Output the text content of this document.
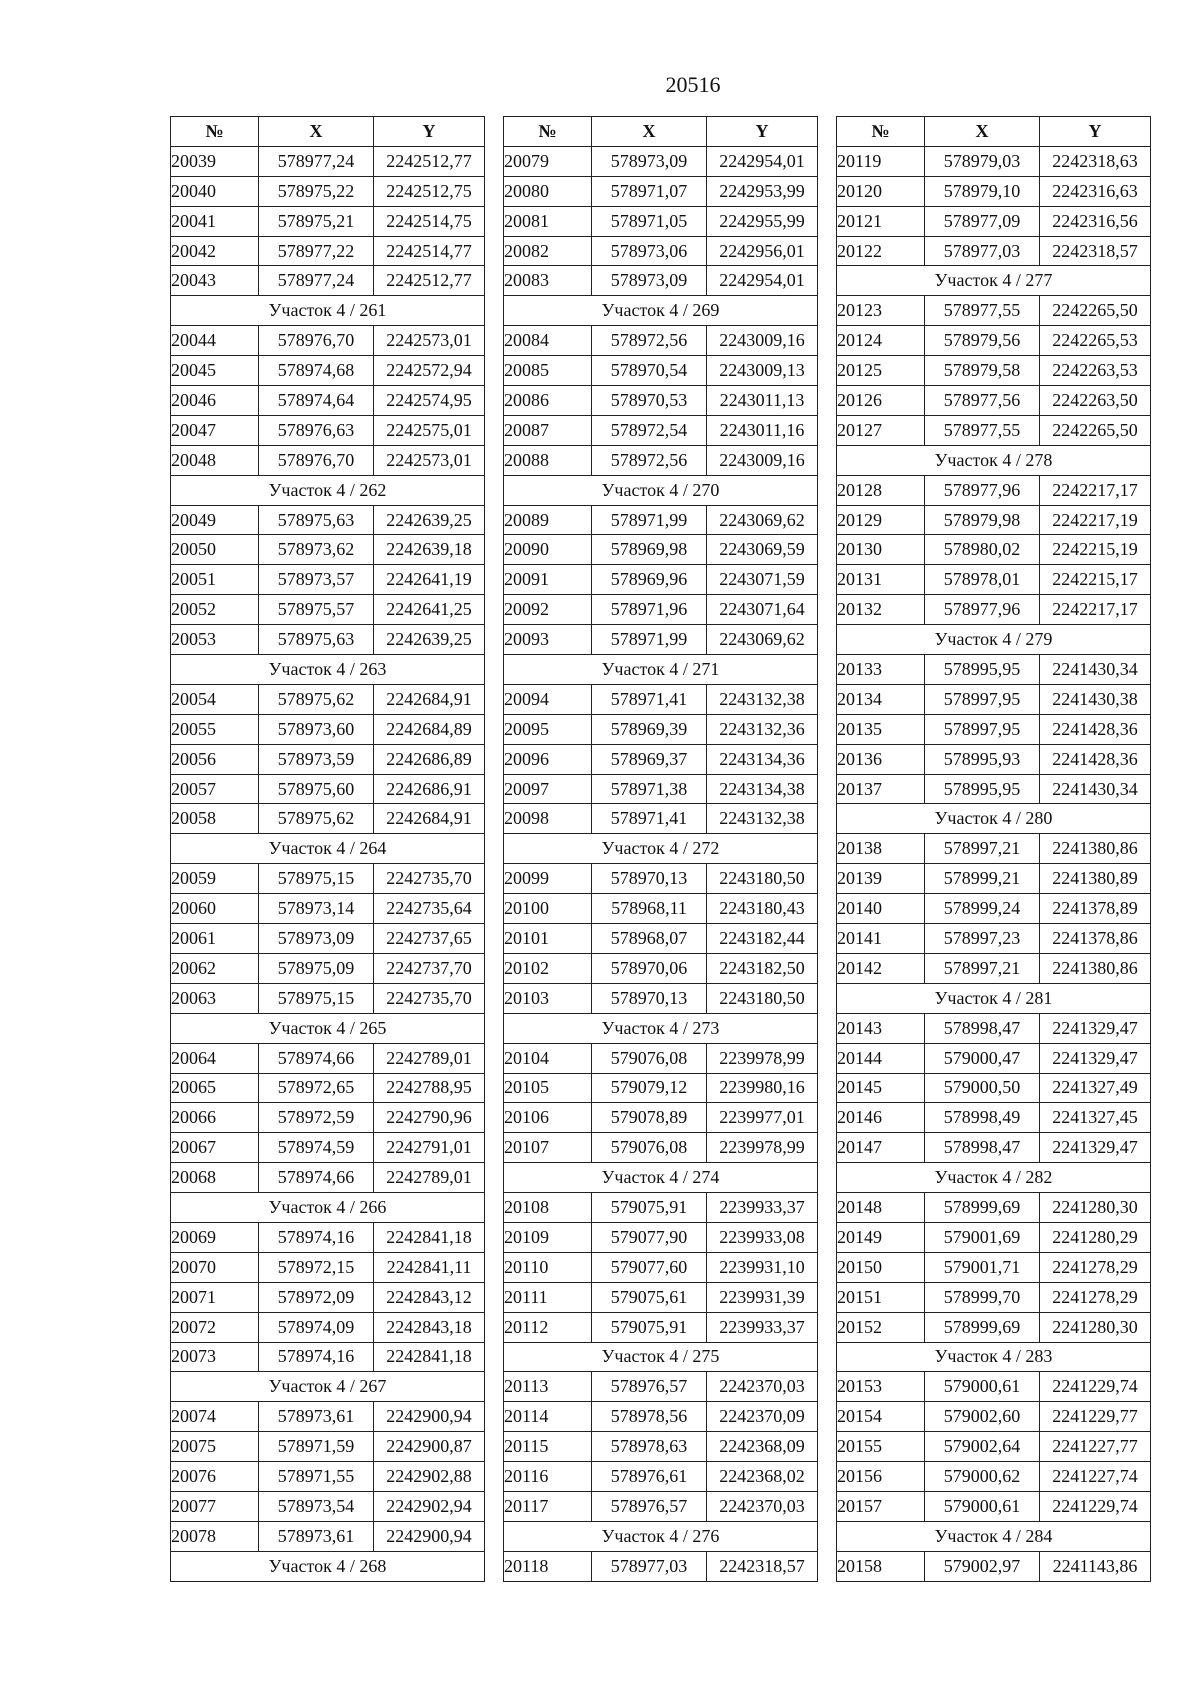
20516
№	X	Y
20039	578977,24	2242512,77
20040	578975,22	2242512,75
20041	578975,21	2242514,75
20042	578977,22	2242514,77
20043	578977,24	2242512,77
Участок 4 / 261		
20044	578976,70	2242573,01
20045	578974,68	2242572,94
20046	578974,64	2242574,95
20047	578976,63	2242575,01
20048	578976,70	2242573,01
Участок 4 / 262		
20049	578975,63	2242639,25
20050	578973,62	2242639,18
20051	578973,57	2242641,19
20052	578975,57	2242641,25
20053	578975,63	2242639,25
Участок 4 / 263		
20054	578975,62	2242684,91
20055	578973,60	2242684,89
20056	578973,59	2242686,89
20057	578975,60	2242686,91
20058	578975,62	2242684,91
Участок 4 / 264		
20059	578975,15	2242735,70
20060	578973,14	2242735,64
20061	578973,09	2242737,65
20062	578975,09	2242737,70
20063	578975,15	2242735,70
Участок 4 / 265		
20064	578974,66	2242789,01
20065	578972,65	2242788,95
20066	578972,59	2242790,96
20067	578974,59	2242791,01
20068	578974,66	2242789,01
Участок 4 / 266		
20069	578974,16	2242841,18
20070	578972,15	2242841,11
20071	578972,09	2242843,12
20072	578974,09	2242843,18
20073	578974,16	2242841,18
Участок 4 / 267		
20074	578973,61	2242900,94
20075	578971,59	2242900,87
20076	578971,55	2242902,88
20077	578973,54	2242902,94
20078	578973,61	2242900,94
Участок 4 / 268		
№	X	Y
20079	578973,09	2242954,01
20080	578971,07	2242953,99
20081	578971,05	2242955,99
20082	578973,06	2242956,01
20083	578973,09	2242954,01
Участок 4 / 269		
20084	578972,56	2243009,16
20085	578970,54	2243009,13
20086	578970,53	2243011,13
20087	578972,54	2243011,16
20088	578972,56	2243009,16
Участок 4 / 270		
20089	578971,99	2243069,62
20090	578969,98	2243069,59
20091	578969,96	2243071,59
20092	578971,96	2243071,64
20093	578971,99	2243069,62
Участок 4 / 271		
20094	578971,41	2243132,38
20095	578969,39	2243132,36
20096	578969,37	2243134,36
20097	578971,38	2243134,38
20098	578971,41	2243132,38
Участок 4 / 272		
20099	578970,13	2243180,50
20100	578968,11	2243180,43
20101	578968,07	2243182,44
20102	578970,06	2243182,50
20103	578970,13	2243180,50
Участок 4 / 273		
20104	579076,08	2239978,99
20105	579079,12	2239980,16
20106	579078,89	2239977,01
20107	579076,08	2239978,99
Участок 4 / 274		
20108	579075,91	2239933,37
20109	579077,90	2239933,08
20110	579077,60	2239931,10
20111	579075,61	2239931,39
20112	579075,91	2239933,37
Участок 4 / 275		
20113	578976,57	2242370,03
20114	578978,56	2242370,09
20115	578978,63	2242368,09
20116	578976,61	2242368,02
20117	578976,57	2242370,03
Участок 4 / 276		
20118	578977,03	2242318,57
№	X	Y
20119	578979,03	2242318,63
20120	578979,10	2242316,63
20121	578977,09	2242316,56
20122	578977,03	2242318,57
Участок 4 / 277		
20123	578977,55	2242265,50
20124	578979,56	2242265,53
20125	578979,58	2242263,53
20126	578977,56	2242263,50
20127	578977,55	2242265,50
Участок 4 / 278		
20128	578977,96	2242217,17
20129	578979,98	2242217,19
20130	578980,02	2242215,19
20131	578978,01	2242215,17
20132	578977,96	2242217,17
Участок 4 / 279		
20133	578995,95	2241430,34
20134	578997,95	2241430,38
20135	578997,95	2241428,36
20136	578995,93	2241428,36
20137	578995,95	2241430,34
Участок 4 / 280		
20138	578997,21	2241380,86
20139	578999,21	2241380,89
20140	578999,24	2241378,89
20141	578997,23	2241378,86
20142	578997,21	2241380,86
Участок 4 / 281		
20143	578998,47	2241329,47
20144	579000,47	2241329,47
20145	579000,50	2241327,49
20146	578998,49	2241327,45
20147	578998,47	2241329,47
Участок 4 / 282		
20148	578999,69	2241280,30
20149	579001,69	2241280,29
20150	579001,71	2241278,29
20151	578999,70	2241278,29
20152	578999,69	2241280,30
Участок 4 / 283		
20153	579000,61	2241229,74
20154	579002,60	2241229,77
20155	579002,64	2241227,77
20156	579000,62	2241227,74
20157	579000,61	2241229,74
Участок 4 / 284		
20158	579002,97	2241143,86
